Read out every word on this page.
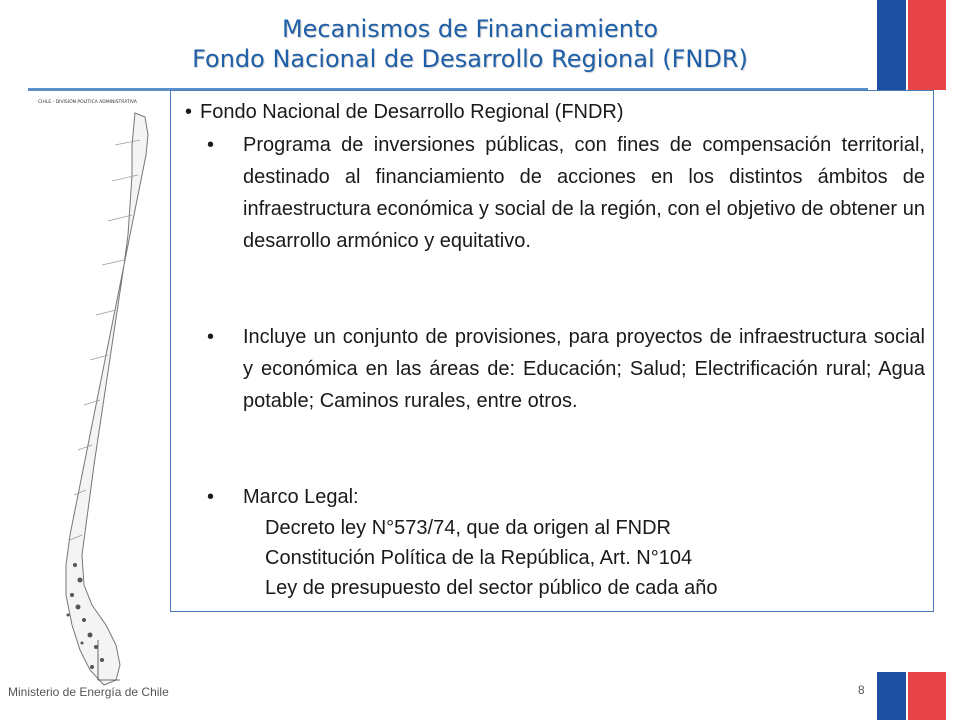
Mecanismos de Financiamiento
Fondo Nacional de Desarrollo Regional (FNDR)
CHILE - DIVISIÓN POLÍTICA ADMINISTRATIVA • Fondo Nacional de Desarrollo Regional (FNDR)
• Programa de inversiones públicas, con fines de compensación territorial, destinado al financiamiento de acciones en los distintos ámbitos de infraestructura económica y social de la región, con el objetivo de obtener un desarrollo armónico y equitativo.
• Incluye un conjunto de provisiones, para proyectos de infraestructura social y económica en las áreas de: Educación; Salud; Electrificación rural; Agua potable; Caminos rurales, entre otros.
• Marco Legal:
Decreto ley N°573/74, que da origen al FNDR
Constitución Política de la República, Art. N°104
Ley de presupuesto del sector público de cada año
Ministerio de Energía de Chile	8
